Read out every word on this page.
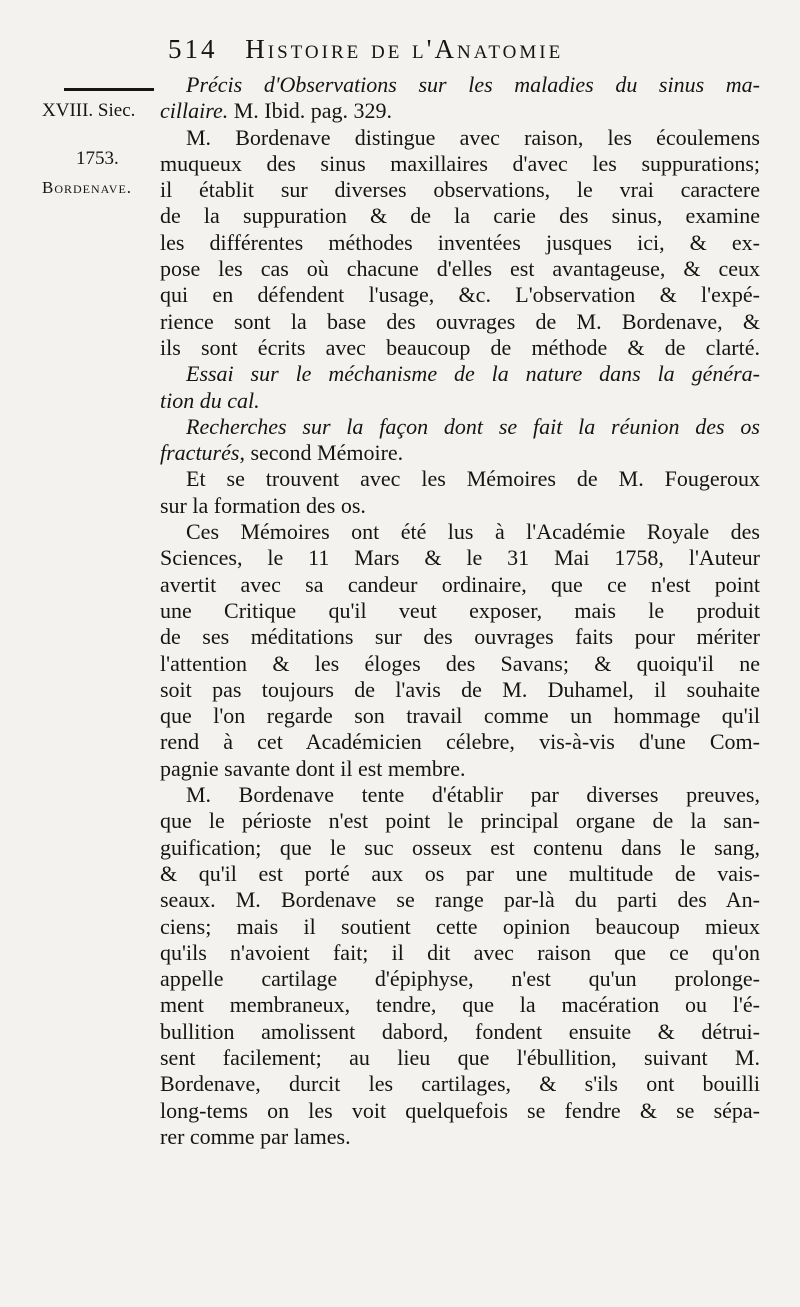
514 Histoire de l'Anatomie
XVIII. Siec.
1753.
Bordenave.
Précis d'Observations sur les maladies du sinus ma-
cillaire. M. Ibid. pag. 329.
M. Bordenave distingue avec raison, les écoulemens
muqueux des sinus maxillaires d'avec les suppurations;
il établit sur diverses observations, le vrai caractere
de la suppuration & de la carie des sinus, examine
les différentes méthodes inventées jusques ici, & ex-
pose les cas où chacune d'elles est avantageuse, & ceux
qui en défendent l'usage, &c. L'observation & l'expé-
rience sont la base des ouvrages de M. Bordenave, &
ils sont écrits avec beaucoup de méthode & de clarté.
Essai sur le méchanisme de la nature dans la généra-
tion du cal.
Recherches sur la façon dont se fait la réunion des os
fracturés, second Mémoire.
Et se trouvent avec les Mémoires de M. Fougeroux
sur la formation des os.
Ces Mémoires ont été lus à l'Académie Royale des
Sciences, le 11 Mars & le 31 Mai 1758, l'Auteur
avertit avec sa candeur ordinaire, que ce n'est point
une Critique qu'il veut exposer, mais le produit
de ses méditations sur des ouvrages faits pour mériter
l'attention & les éloges des Savans; & quoiqu'il ne
soit pas toujours de l'avis de M. Duhamel, il souhaite
que l'on regarde son travail comme un hommage qu'il
rend à cet Académicien célebre, vis-à-vis d'une Com-
pagnie savante dont il est membre.
M. Bordenave tente d'établir par diverses preuves,
que le périoste n'est point le principal organe de la san-
guification; que le suc osseux est contenu dans le sang,
& qu'il est porté aux os par une multitude de vais-
seaux. M. Bordenave se range par-là du parti des An-
ciens; mais il soutient cette opinion beaucoup mieux
qu'ils n'avoient fait; il dit avec raison que ce qu'on
appelle cartilage d'épiphyse, n'est qu'un prolonge-
ment membraneux, tendre, que la macération ou l'é-
bullition amolissent dabord, fondent ensuite & détrui-
sent facilement; au lieu que l'ébullition, suivant M.
Bordenave, durcit les cartilages, & s'ils ont bouilli
long-tems on les voit quelquefois se fendre & se sépa-
rer comme par lames.
